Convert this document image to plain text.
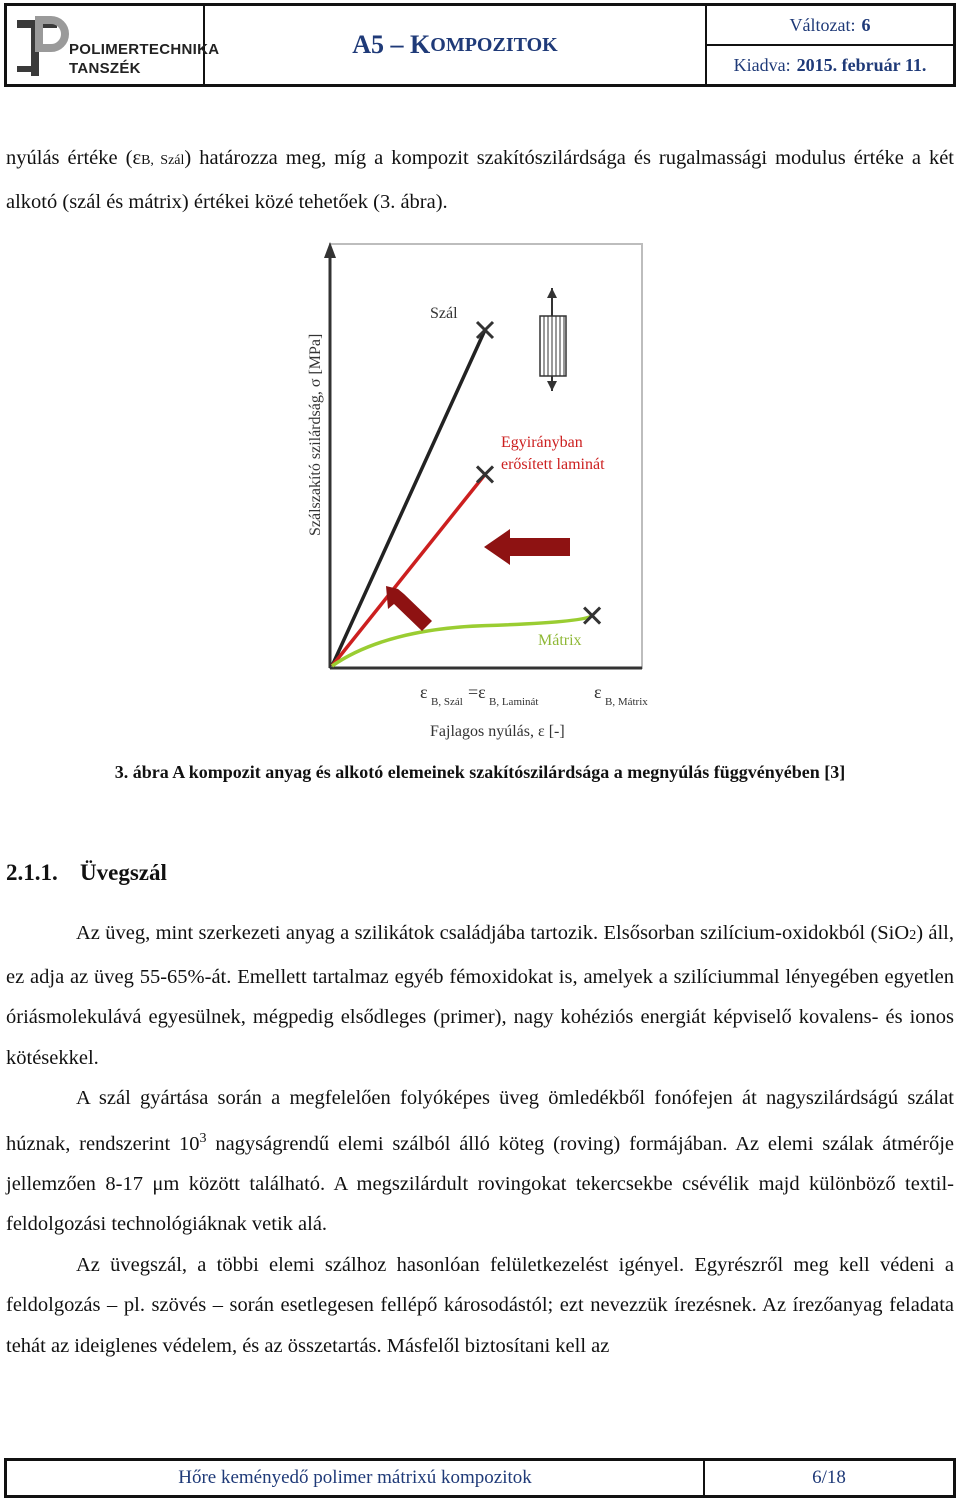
POLIMERTECHNIKA
TANSZÉK
A5 – K OMPOZITOK
Változat: 6
Kiadva: 2015. február 11.

nyúlás értéke (εB, Szál) határozza meg, míg a kompozit szakítószilárdsága és rugalmassági modulus értéke a két alkotó (szál és mátrix) értékei közé tehetőek (3. ábra).

Szál
Egyirányban
erősített laminát
Mátrix
Szálszakító szilárdság, σ [MPa]
ε B, Szál =ε B, Laminát	ε B, Mátrix
Fajlagos nyúlás, ε [-]
3. ábra A kompozit anyag és alkotó elemeinek szakítószilárdsága a megnyúlás függvényében [3]
2.1.1. Üvegszál

Az üveg, mint szerkezeti anyag a szilikátok családjába tartozik. Elsősorban szilícium-oxidokból (SiO2) áll, ez adja az üveg 55-65%-át. Emellett tartalmaz egyéb fémoxidokat is, amelyek a szilíciummal lényegében egyetlen óriásmolekulává egyesülnek, mégpedig elsődleges (primer), nagy kohéziós energiát képviselő kovalens- és ionos kötésekkel.

A szál gyártása során a megfelelően folyóképes üveg ömledékből fonófejen át nagyszilárdságú szálat húznak, rendszerint $10^3$ nagyságrendű elemi szálból álló köteg (roving) formájában. Az elemi szálak átmérője jellemzően 8-17 μm között található. A megszilárdult rovingokat tekercsekbe csévélik majd különböző textil-feldolgozási technológiáknak vetik alá.

Az üvegszál, a többi elemi szálhoz hasonlóan felületkezelést igényel. Egyrészről meg kell védeni a feldolgozás – pl. szövés – során esetlegesen fellépő károsodástól; ezt nevezzük írezésnek. Az írezőanyag feladata tehát az ideiglenes védelem, és az összetartás. Másfelől biztosítani kell az

Hőre keményedő polimer mátrixú kompozitok	6/18
